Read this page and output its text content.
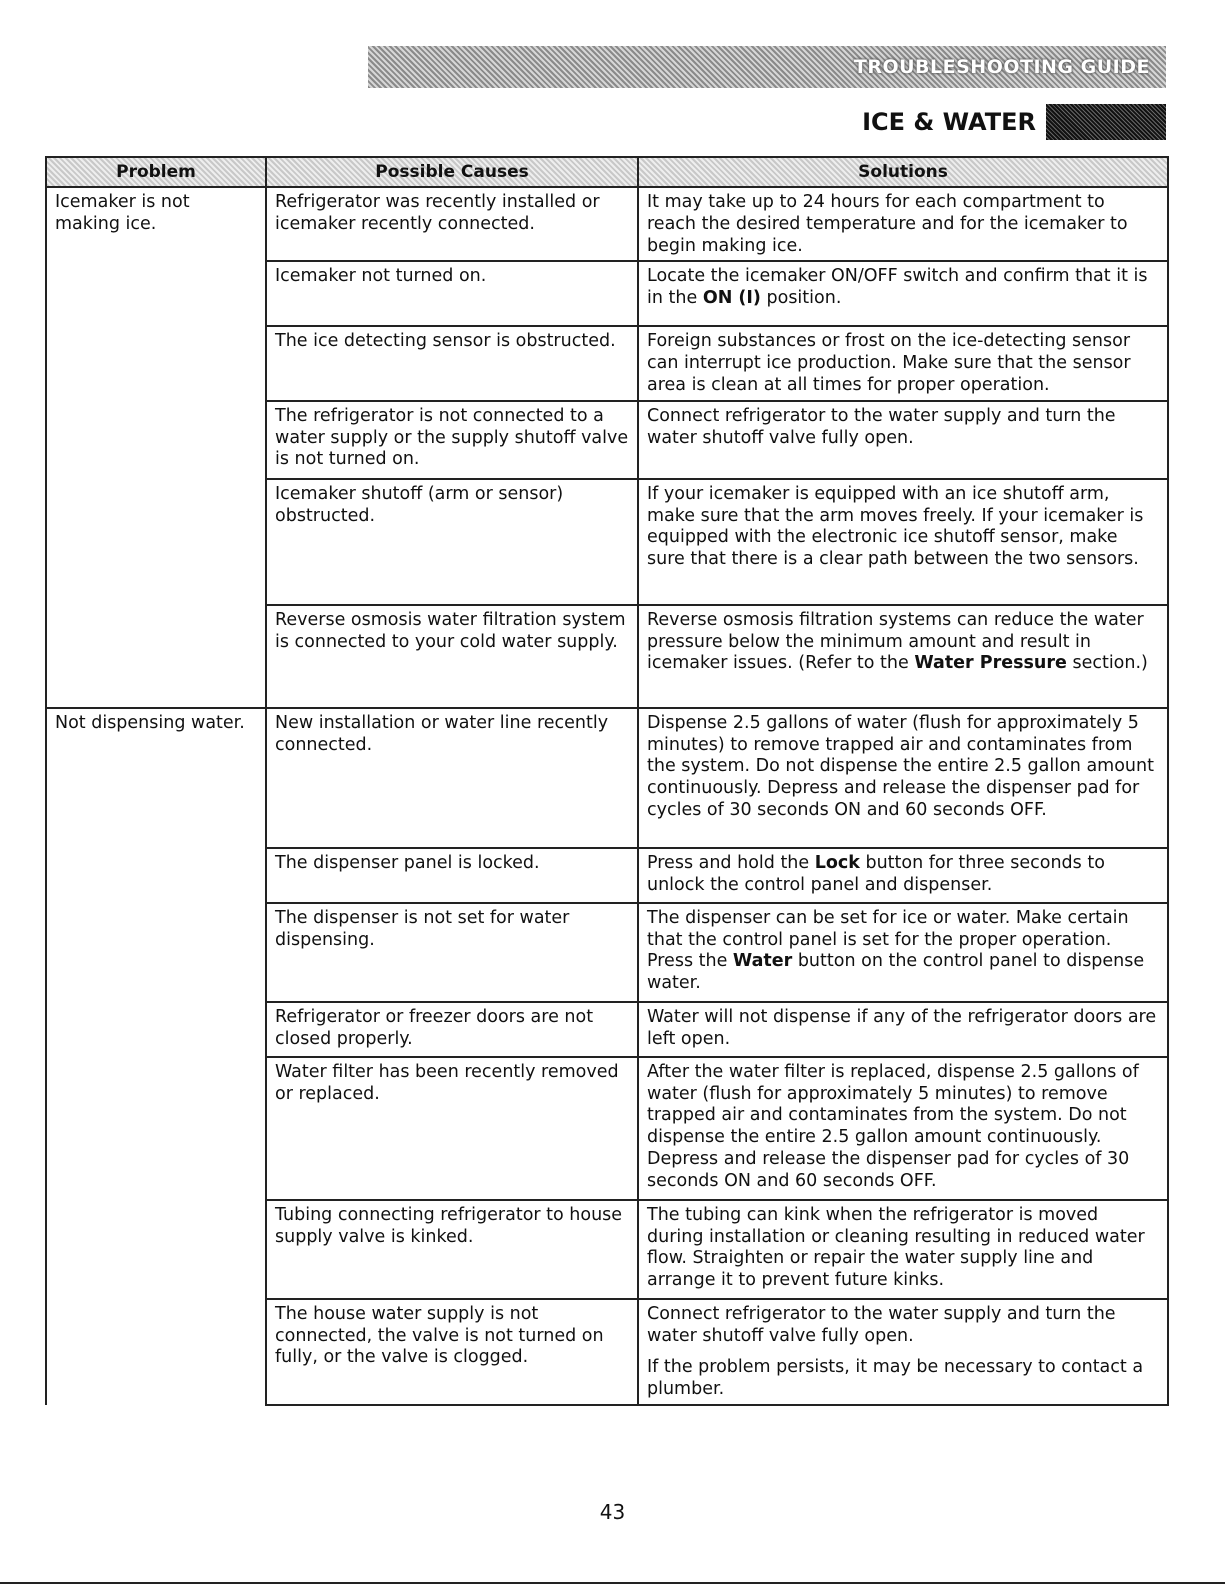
TROUBLESHOOTING GUIDE
ICE & WATER
Problem	Possible Causes	Solutions
Icemaker is not making ice.	Refrigerator was recently installed or icemaker recently connected.	It may take up to 24 hours for each compartment to reach the desired temperature and for the icemaker to begin making ice.
	Icemaker not turned on.	Locate the icemaker ON/OFF switch and confirm that it is in the ON (I) position.
	The ice detecting sensor is obstructed.	Foreign substances or frost on the ice-detecting sensor can interrupt ice production. Make sure that the sensor area is clean at all times for proper operation.
	The refrigerator is not connected to a water supply or the supply shutoff valve is not turned on.	Connect refrigerator to the water supply and turn the water shutoff valve fully open.
	Icemaker shutoff (arm or sensor) obstructed.	If your icemaker is equipped with an ice shutoff arm, make sure that the arm moves freely. If your icemaker is equipped with the electronic ice shutoff sensor, make sure that there is a clear path between the two sensors.
	Reverse osmosis water filtration system is connected to your cold water supply.	Reverse osmosis filtration systems can reduce the water pressure below the minimum amount and result in icemaker issues. (Refer to the Water Pressure section.)
Not dispensing water.	New installation or water line recently connected.	Dispense 2.5 gallons of water (flush for approximately 5 minutes) to remove trapped air and contaminates from the system. Do not dispense the entire 2.5 gallon amount continuously. Depress and release the dispenser pad for cycles of 30 seconds ON and 60 seconds OFF.
	The dispenser panel is locked.	Press and hold the Lock button for three seconds to unlock the control panel and dispenser.
	The dispenser is not set for water dispensing.	The dispenser can be set for ice or water. Make certain that the control panel is set for the proper operation. Press the Water button on the control panel to dispense water.
	Refrigerator or freezer doors are not closed properly.	Water will not dispense if any of the refrigerator doors are left open.
	Water filter has been recently removed or replaced.	After the water filter is replaced, dispense 2.5 gallons of water (flush for approximately 5 minutes) to remove trapped air and contaminates from the system. Do not dispense the entire 2.5 gallon amount continuously. Depress and release the dispenser pad for cycles of 30 seconds ON and 60 seconds OFF.
	Tubing connecting refrigerator to house supply valve is kinked.	The tubing can kink when the refrigerator is moved during installation or cleaning resulting in reduced water flow. Straighten or repair the water supply line and arrange it to prevent future kinks.
	The house water supply is not connected, the valve is not turned on fully, or the valve is clogged.	Connect refrigerator to the water supply and turn the water shutoff valve fully open.

If the problem persists, it may be necessary to contact a plumber.

43
